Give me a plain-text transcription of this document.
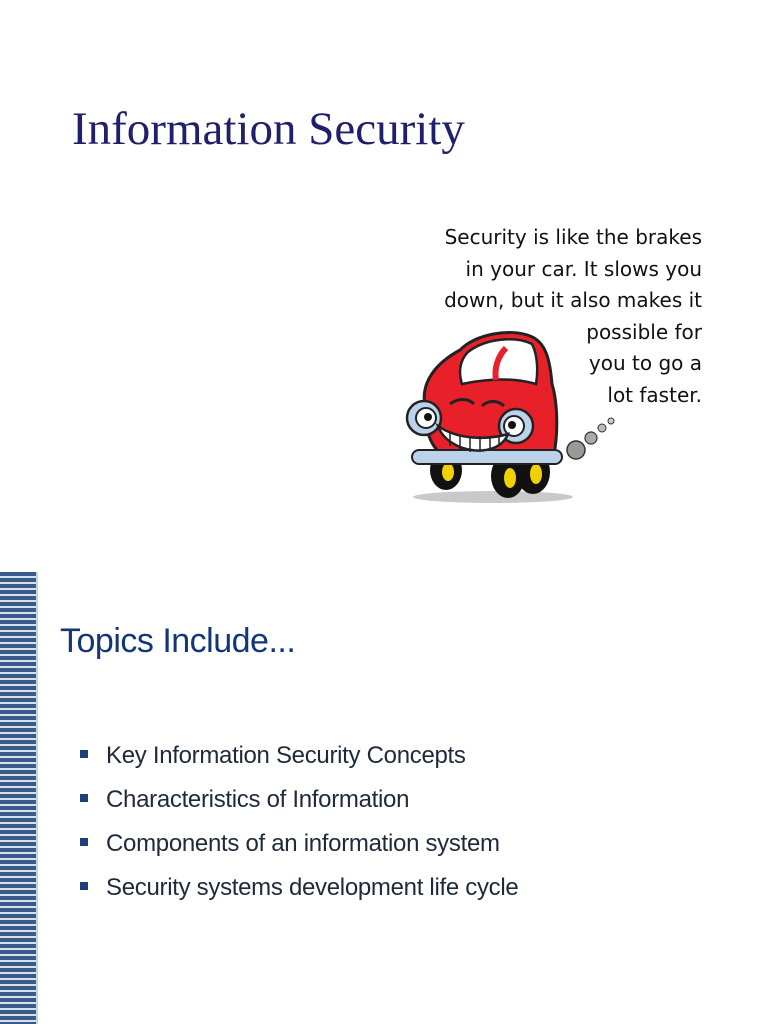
Information Security
Security is like the brakes
in your car. It slows you
down, but it also makes it
possible for
you to go a
lot faster.
Topics Include...
Key Information Security Concepts
Characteristics of Information
Components of an information system
Security systems development life cycle
